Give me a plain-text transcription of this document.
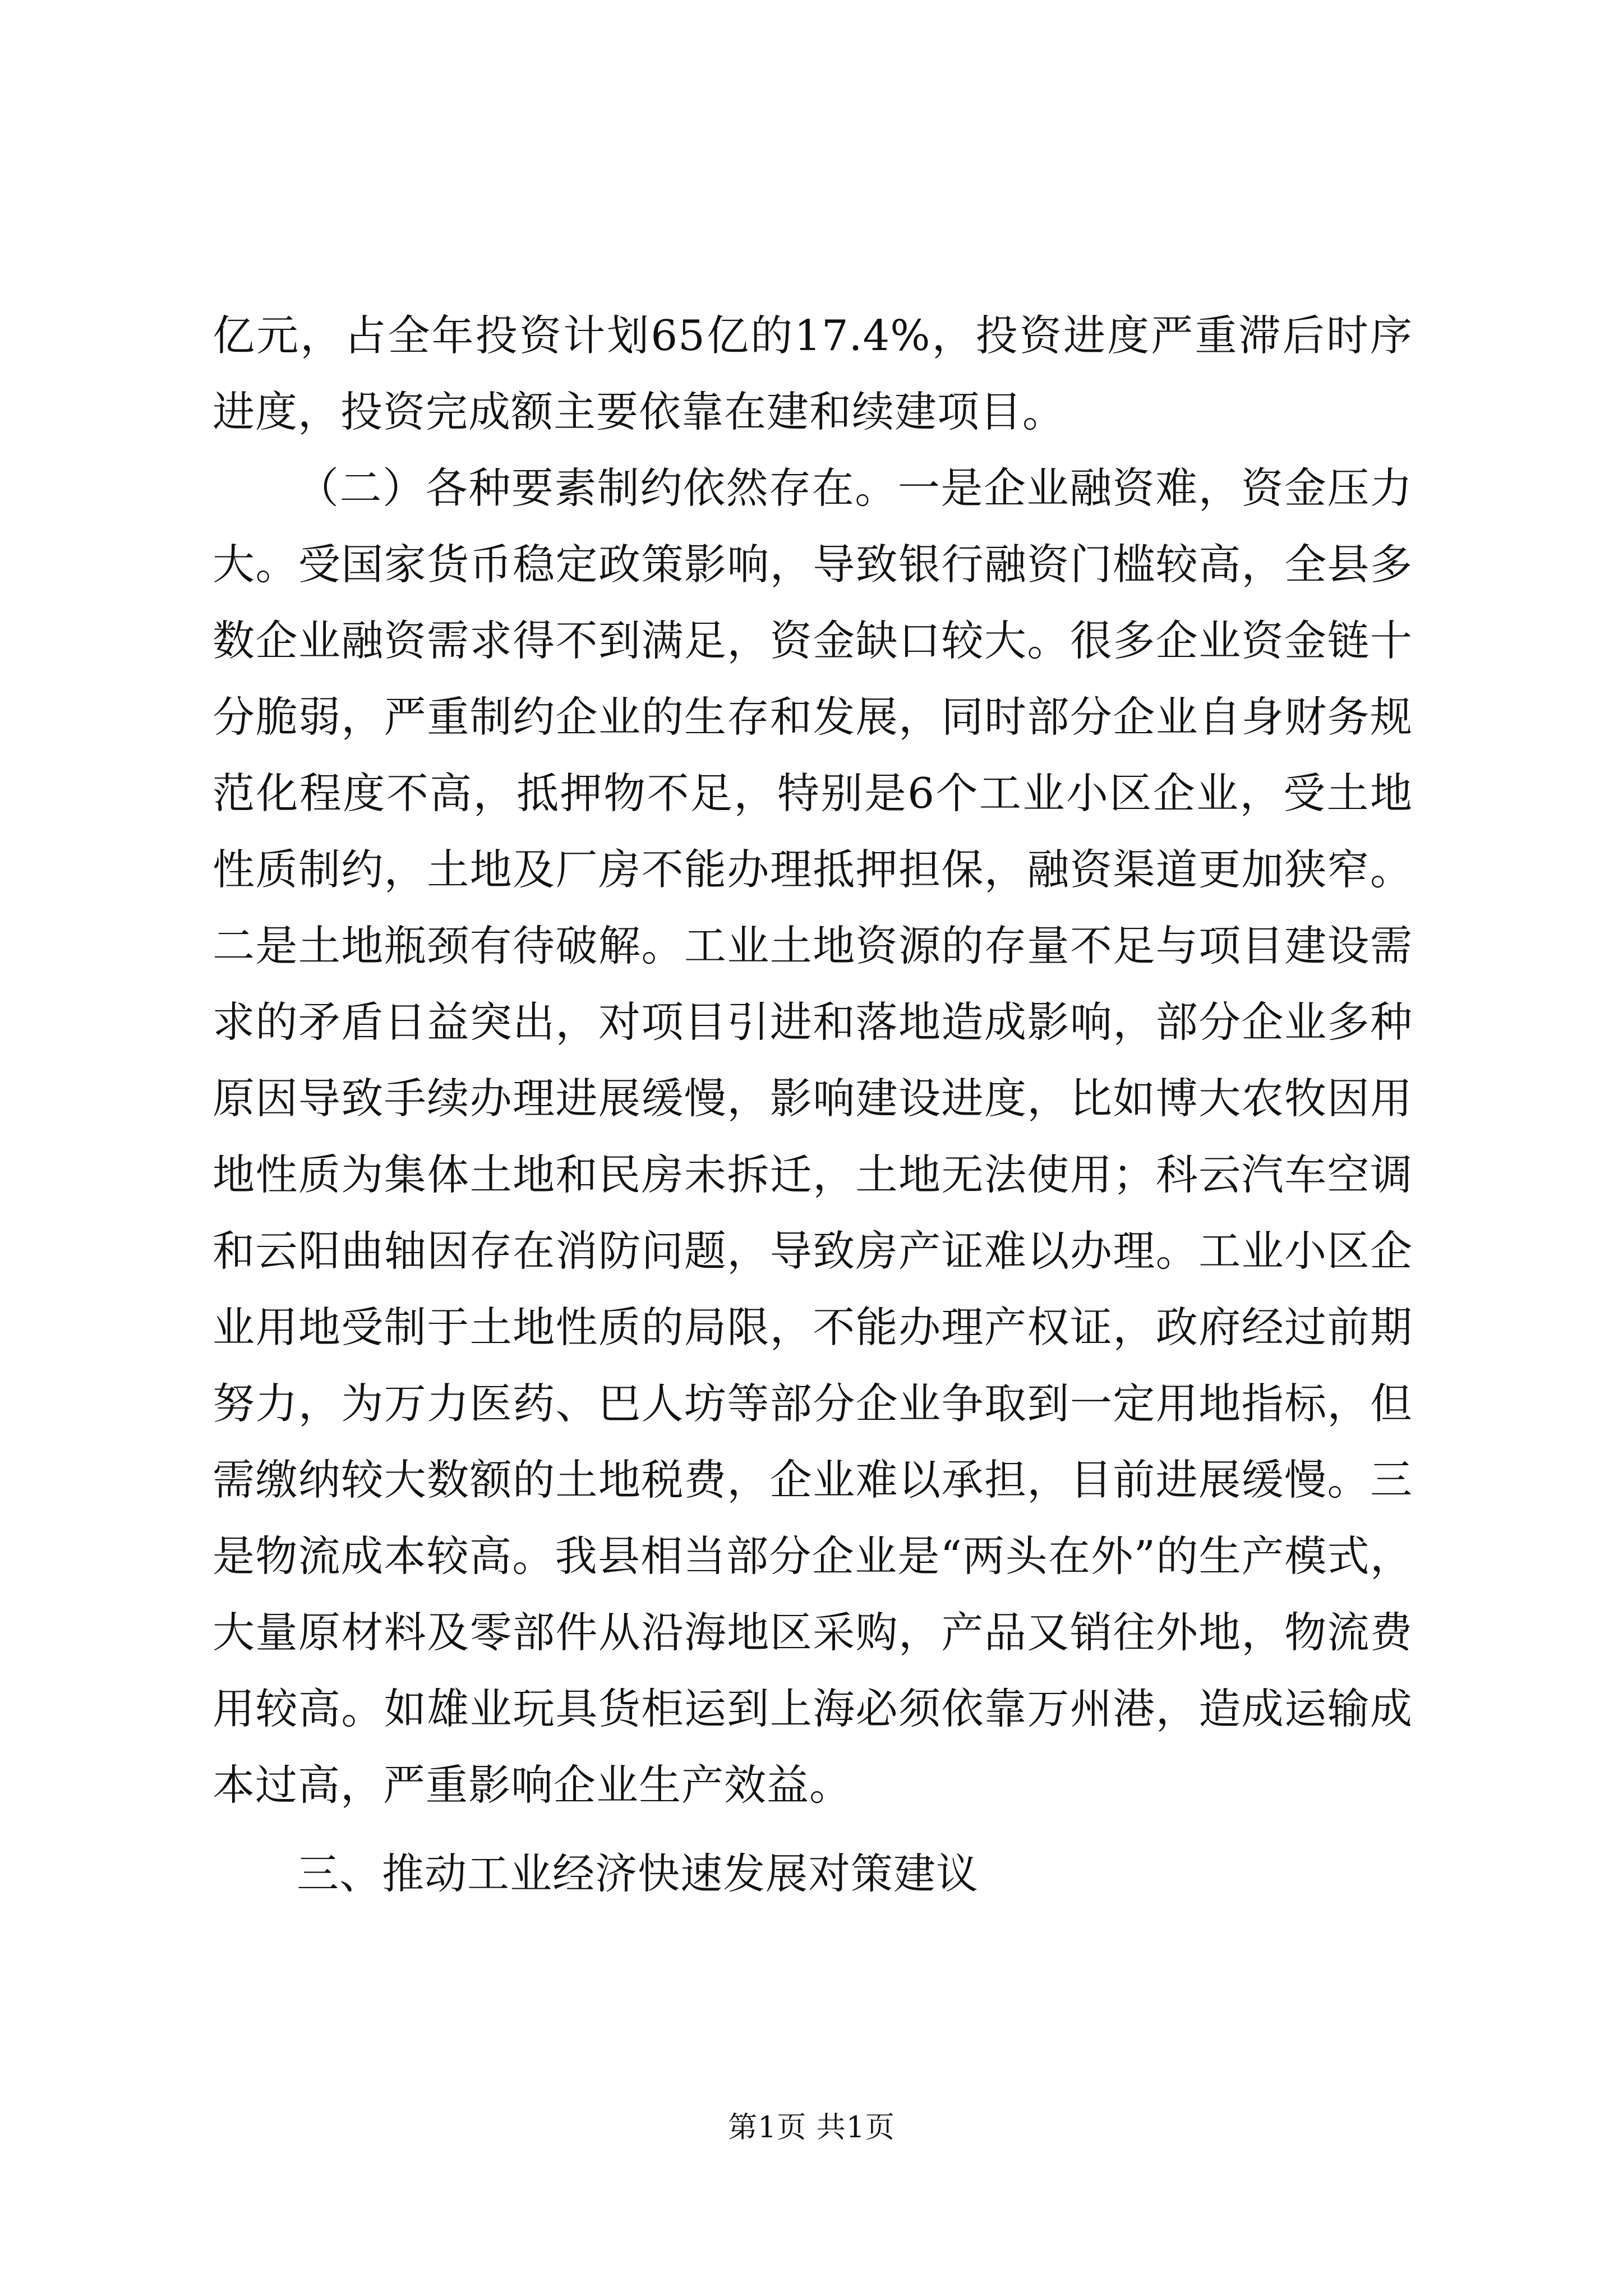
亿元，占全年投资计划65亿的17.4%，投资进度严重滞后时序进度，投资完成额主要依靠在建和续建项目。

（二）各种要素制约依然存在。一是企业融资难，资金压力大。受国家货币稳定政策影响，导致银行融资门槛较高，全县多数企业融资需求得不到满足，资金缺口较大。很多企业资金链十分脆弱，严重制约企业的生存和发展，同时部分企业自身财务规范化程度不高，抵押物不足，特别是6个工业小区企业，受土地性质制约，土地及厂房不能办理抵押担保，融资渠道更加狭窄。二是土地瓶颈有待破解。工业土地资源的存量不足与项目建设需求的矛盾日益突出，对项目引进和落地造成影响，部分企业多种原因导致手续办理进展缓慢，影响建设进度，比如博大农牧因用地性质为集体土地和民房未拆迁，土地无法使用；科云汽车空调和云阳曲轴因存在消防问题，导致房产证难以办理。工业小区企业用地受制于土地性质的局限，不能办理产权证，政府经过前期努力，为万力医药、巴人坊等部分企业争取到一定用地指标，但需缴纳较大数额的土地税费，企业难以承担，目前进展缓慢。三是物流成本较高。我县相当部分企业是“两头在外”的生产模式，大量原材料及零部件从沿海地区采购，产品又销往外地，物流费用较高。如雄业玩具货柜运到上海必须依靠万州港，造成运输成本过高，严重影响企业生产效益。

三、推动工业经济快速发展对策建议

第1页 共1页
